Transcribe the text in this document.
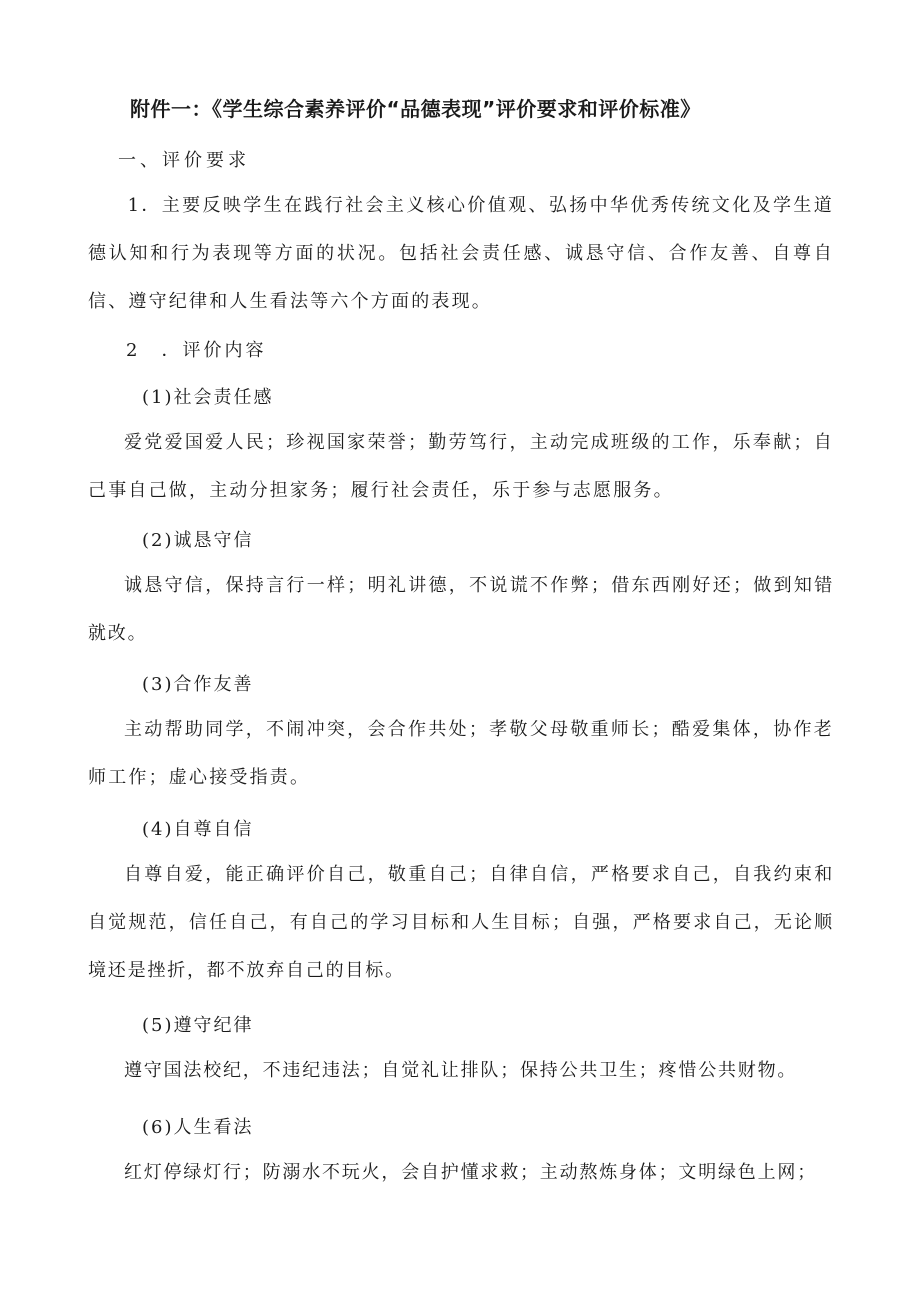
附件一：《学生综合素养评价“品德表现”评价要求和评价标准》
一、评价要求
1．主要反映学生在践行社会主义核心价值观、弘扬中华优秀传统文化及学生道德认知和行为表现等方面的状况。包括社会责任感、诚恳守信、合作友善、自尊自信、遵守纪律和人生看法等六个方面的表现。
2　．评价内容
(1)社会责任感
爱党爱国爱人民；珍视国家荣誉；勤劳笃行，主动完成班级的工作，乐奉献；自己事自己做，主动分担家务；履行社会责任，乐于参与志愿服务。
(2)诚恳守信
诚恳守信，保持言行一样；明礼讲德，不说谎不作弊；借东西刚好还；做到知错就改。
(3)合作友善
主动帮助同学，不闹冲突，会合作共处；孝敬父母敬重师长；酷爱集体，协作老师工作；虚心接受指责。
(4)自尊自信
自尊自爱，能正确评价自己，敬重自己；自律自信，严格要求自己，自我约束和自觉规范，信任自己，有自己的学习目标和人生目标；自强，严格要求自己，无论顺境还是挫折，都不放弃自己的目标。
(5)遵守纪律
遵守国法校纪，不违纪违法；自觉礼让排队；保持公共卫生；疼惜公共财物。
(6)人生看法
红灯停绿灯行；防溺水不玩火，会自护懂求救；主动熬炼身体；文明绿色上网；
